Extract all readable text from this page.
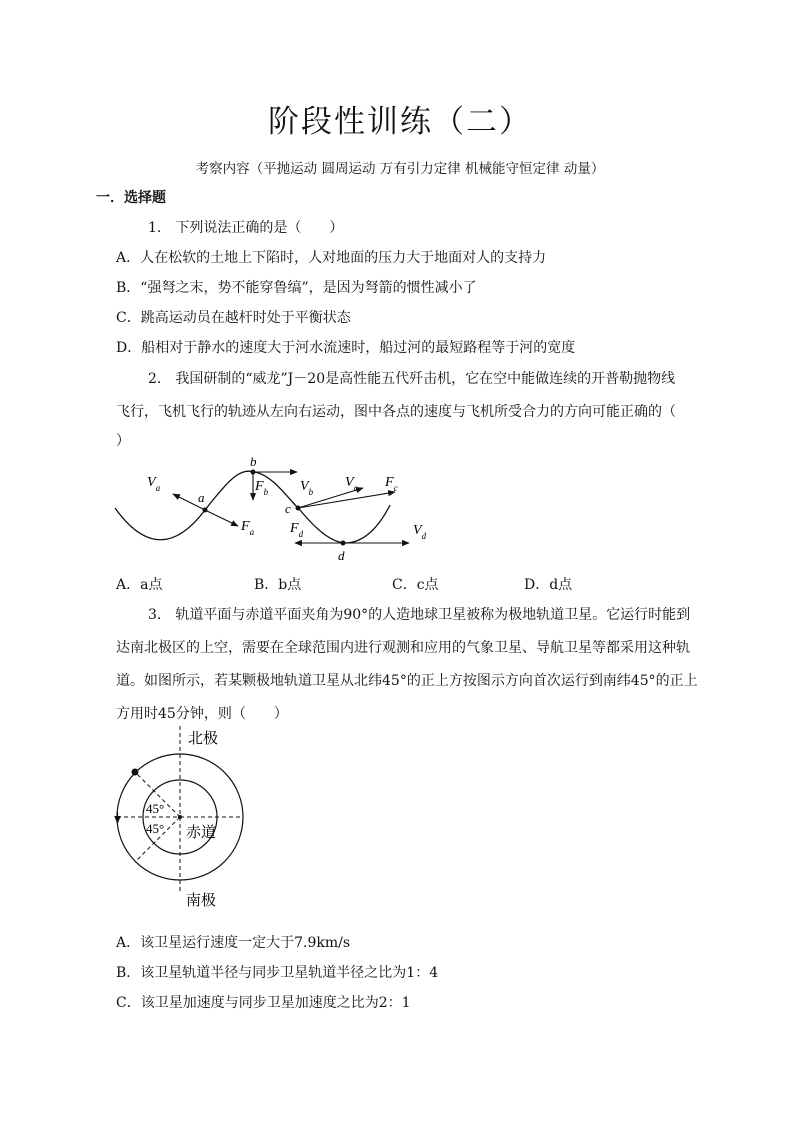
阶段性训练（二）
考察内容（平抛运动 圆周运动 万有引力定律 机械能守恒定律 动量）
一．选择题
1.　下列说法正确的是（　　）
A．人在松软的土地上下陷时，人对地面的压力大于地面对人的支持力
B．“强弩之末，势不能穿鲁缟”，是因为弩箭的惯性减小了
C．跳高运动员在越杆时处于平衡状态
D．船相对于静水的速度大于河水流速时，船过河的最短路程等于河的宽度
2.　我国研制的“威龙”J－20是高性能五代歼击机，它在空中能做连续的开普勒抛物线
飞行，飞机飞行的轨迹从左向右运动，图中各点的速度与飞机所受合力的方向可能正确的（
）
a
b
c
d
$V_a$
$F_a$
$F_b$ $V_b$
$V_c$ $F_c$
$F_d$	$V_d$
A．a点	B．b点	C．c点	D．d点
3.　轨道平面与赤道平面夹角为90°的人造地球卫星被称为极地轨道卫星。它运行时能到
达南北极区的上空，需要在全球范围内进行观测和应用的气象卫星、导航卫星等都采用这种轨
道。如图所示，若某颗极地轨道卫星从北纬45°的正上方按图示方向首次运行到南纬45°的正上
方用时45分钟，则（　　）
北极
南极
赤道
45°
45°
A．该卫星运行速度一定大于7.9km/s
B．该卫星轨道半径与同步卫星轨道半径之比为1：4
C．该卫星加速度与同步卫星加速度之比为2：1
